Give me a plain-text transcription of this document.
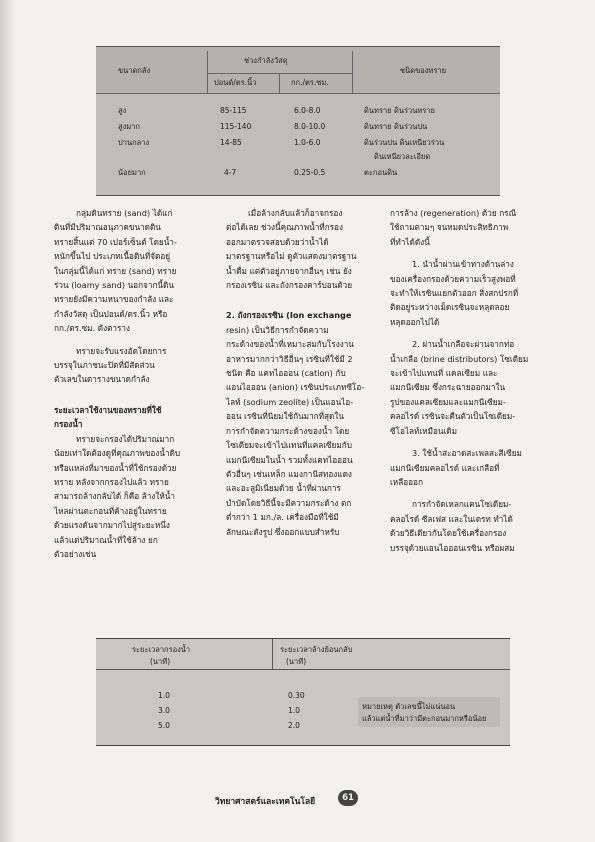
ขนาดกลัง
ช่วงกำลังวัสดุ
ปอนด์/ตร.นิ้ว	กก./ตร.ซม.
ชนิดของทราย
สูง	85-115	6.0-8.0	ดินทราย ดินร่วนทราย
สูงมาก	115-140	8.0-10.0	ดินทราย ดินร่วนปน
ปานกลาง	14-85	1.0-6.0	ดินร่วนปน ดินเหนียวร่วน
ดินเหนียวละเอียด
น้อยมาก	4-7	0.25-0.5	ตะกอนดิน

กลุ่มดินทราย (sand) ได้แก่
ดินที่มีปริมาณอนุภาคขนาดดิน
ทรายสิ้นแต่ 70 เปอร์เซ็นต์ โดยน้ำ-
หนักขึ้นไป ประเภทเนื้อดินที่จัดอยู่
ในกลุ่มนี้ได้แก่ ทราย (sand) ทราย
ร่วน (loamy sand) นอกจากนี้ดิน
ทรายยังมีความหนาของกำลัง และ
กำลังวัสดุ เป็นปอนด์/ตร.นิ้ว หรือ
กก./ตร.ซม. ดังตาราง

ทรายจะรับแรงอัดโดยการ
บรรจุในภาชนะปิดที่มีสัดส่วน
ตัวเลขในตารางขนาดกำลัง

ระยะเวลาใช้งานของทรายที่ใช้
กรองน้ำ

ทรายจะกรองได้ปริมาณมาก
น้อยเท่าใดต้องดูที่คุณภาพของน้ำดิบ
หรือแหล่งที่มาของน้ำที่ใช้กรองด้วย
ทราย หลังจากกรองไปแล้ว ทราย
สามารถล้างกลับได้ ก็คือ ล้างให้น้ำ
ไหลผ่านตะกอนที่ค้างอยู่ในทราย
ด้วยแรงดันจากมากไปสู่ระยะหนึ่ง
แล้วแต่ปริมาณน้ำที่ใช้ล้าง ยก
ตัวอย่างเช่น

เมื่อล้างกลับแล้วก็อาจกรอง
ต่อได้เลย ช่วงนี้คุณภาพน้ำที่กรอง
ออกมาตรวจสอบด้วยว่าน้ำได้
มาตรฐานหรือไม่ ดูตัวแสดงมาตรฐาน
น้ำดื่ม แต่ตัวอยู่ภายจากอื่นๆ เช่น ยัง
กรองเรซิน และถังกรองคาร์บอนด้วย

2. ถังกรองเรซิน (Ion exchange

resin) เป็นวิธีการกำจัดความ
กระด้างของน้ำที่เหมาะสมกับโรงงาน
อาหารมากกว่าวิธีอื่นๆ เรซินที่ใช้มี 2
ชนิด คือ แคทไอออน (cation) กับ
แอนไอออน (anion) เรซินประเภทซีโอ-
ไลท์ (sodium zeolite) เป็นแอนไอ-
ออน เรซินที่นิยมใช้กันมากที่สุดใน
การกำจัดความกระด้างของน้ำ โดย
โซเดียมจะเข้าไปแทนที่แคลเซียมกับ
แมกนีเซียมในน้ำ รวมทั้งแคทไอออน
ตัวอื่นๆ เช่นเหล็ก แมงกานีสทองแดง
และอะลูมิเนียมด้วย น้ำที่ผ่านการ
บำบัดโดยวิธีนี้จะมีความกระด้าง ตก
ต่ำกว่า 1 มก./ล. เครื่องมือที่ใช้มี
ลักษณะดังรูป ซึ่งออกแบบสำหรับ

การล้าง (regeneration) ด้วย กรณี
ใช้ถามตามๆ จนหมดประสิทธิภาพ
ที่ทำได้ดังนี้

1. นำน้ำผ่านเข้าทางด้านล่าง
ของเครื่องกรองด้วยความเร็วสูงพอที่
จะทำให้เรซินแยกตัวออก สิ่งสกปรกที่
ติดอยู่ระหว่างเม็ดเรซินจะหลุดลอย
หลุดออกไปได้

2. ผ่านน้ำเกลือจะผ่านจากท่อ
น้ำเกลือ (brine distributors) โซเดียม
จะเข้าไปแทนที่ แคลเซียม และ
แมกนีเซียม ซึ่งกระฉายออกมาใน
รูปของแคลเซียมและแมกนีเซียม-
คลอไรด์ เรซินจะคืนตัวเป็นโซเดียม-
ซีโอไลท์เหมือนเดิม

3. ใช้น้ำสะอาดสะเพลสะสีเซียม
แมกนีเซียมคลอไรด์ และเกลือที่
เหลือออก

การกำจัดเหลกแคนโซเดียม-
คลอไรด์ ซีลเฟส และในเตรท ทำได้
ด้วยวิธีเดียวกันโดยใช้เครื่องกรอง
บรรจุด้วยแอนไอออนเรซิน หรือผสม

ระยะเวลากรองน้ำ
(นาที)
ระยะเวลาล้างย้อนกลับ
(นาที)
1.0	0.30
3.0	1.0
5.0	2.0
หมายเหตุ ตัวเลขนี้ไม่แน่นอน
แล้วแต่น้ำที่มาว่ามีตะกอนมากหรือน้อย
วิทยาศาสตร์และเทคโนโลยี	61
